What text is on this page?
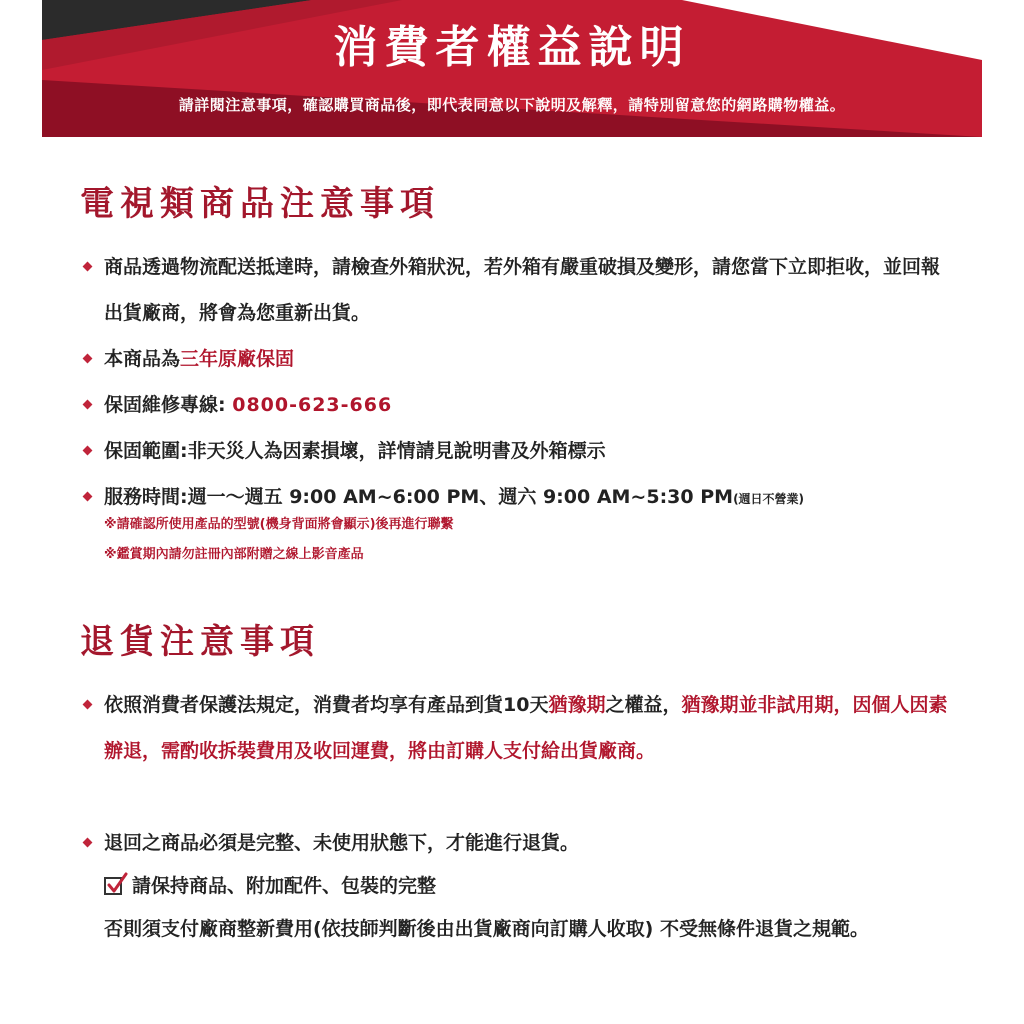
消費者權益說明
請詳閱注意事項，確認購買商品後，即代表同意以下說明及解釋，請特別留意您的網路購物權益。
電視類商品注意事項
商品透過物流配送抵達時，請檢查外箱狀況，若外箱有嚴重破損及變形，請您當下立即拒收，並回報出貨廠商，將會為您重新出貨。
本商品為三年原廠保固
保固維修專線: 0800-623-666
保固範圍:非天災人為因素損壞，詳情請見說明書及外箱標示
服務時間:週一～週五 9:00 AM~6:00 PM、週六 9:00 AM~5:30 PM(週日不營業)
※請確認所使用產品的型號(機身背面將會顯示)後再進行聯繫
※鑑賞期內請勿註冊內部附贈之線上影音產品
退貨注意事項
依照消費者保護法規定，消費者均享有產品到貨10天猶豫期之權益，猶豫期並非試用期，因個人因素辦退，需酌收拆裝費用及收回運費，將由訂購人支付給出貨廠商。
退回之商品必須是完整、未使用狀態下，才能進行退貨。
請保持商品、附加配件、包裝的完整
否則須支付廠商整新費用(依技師判斷後由出貨廠商向訂購人收取) 不受無條件退貨之規範。
